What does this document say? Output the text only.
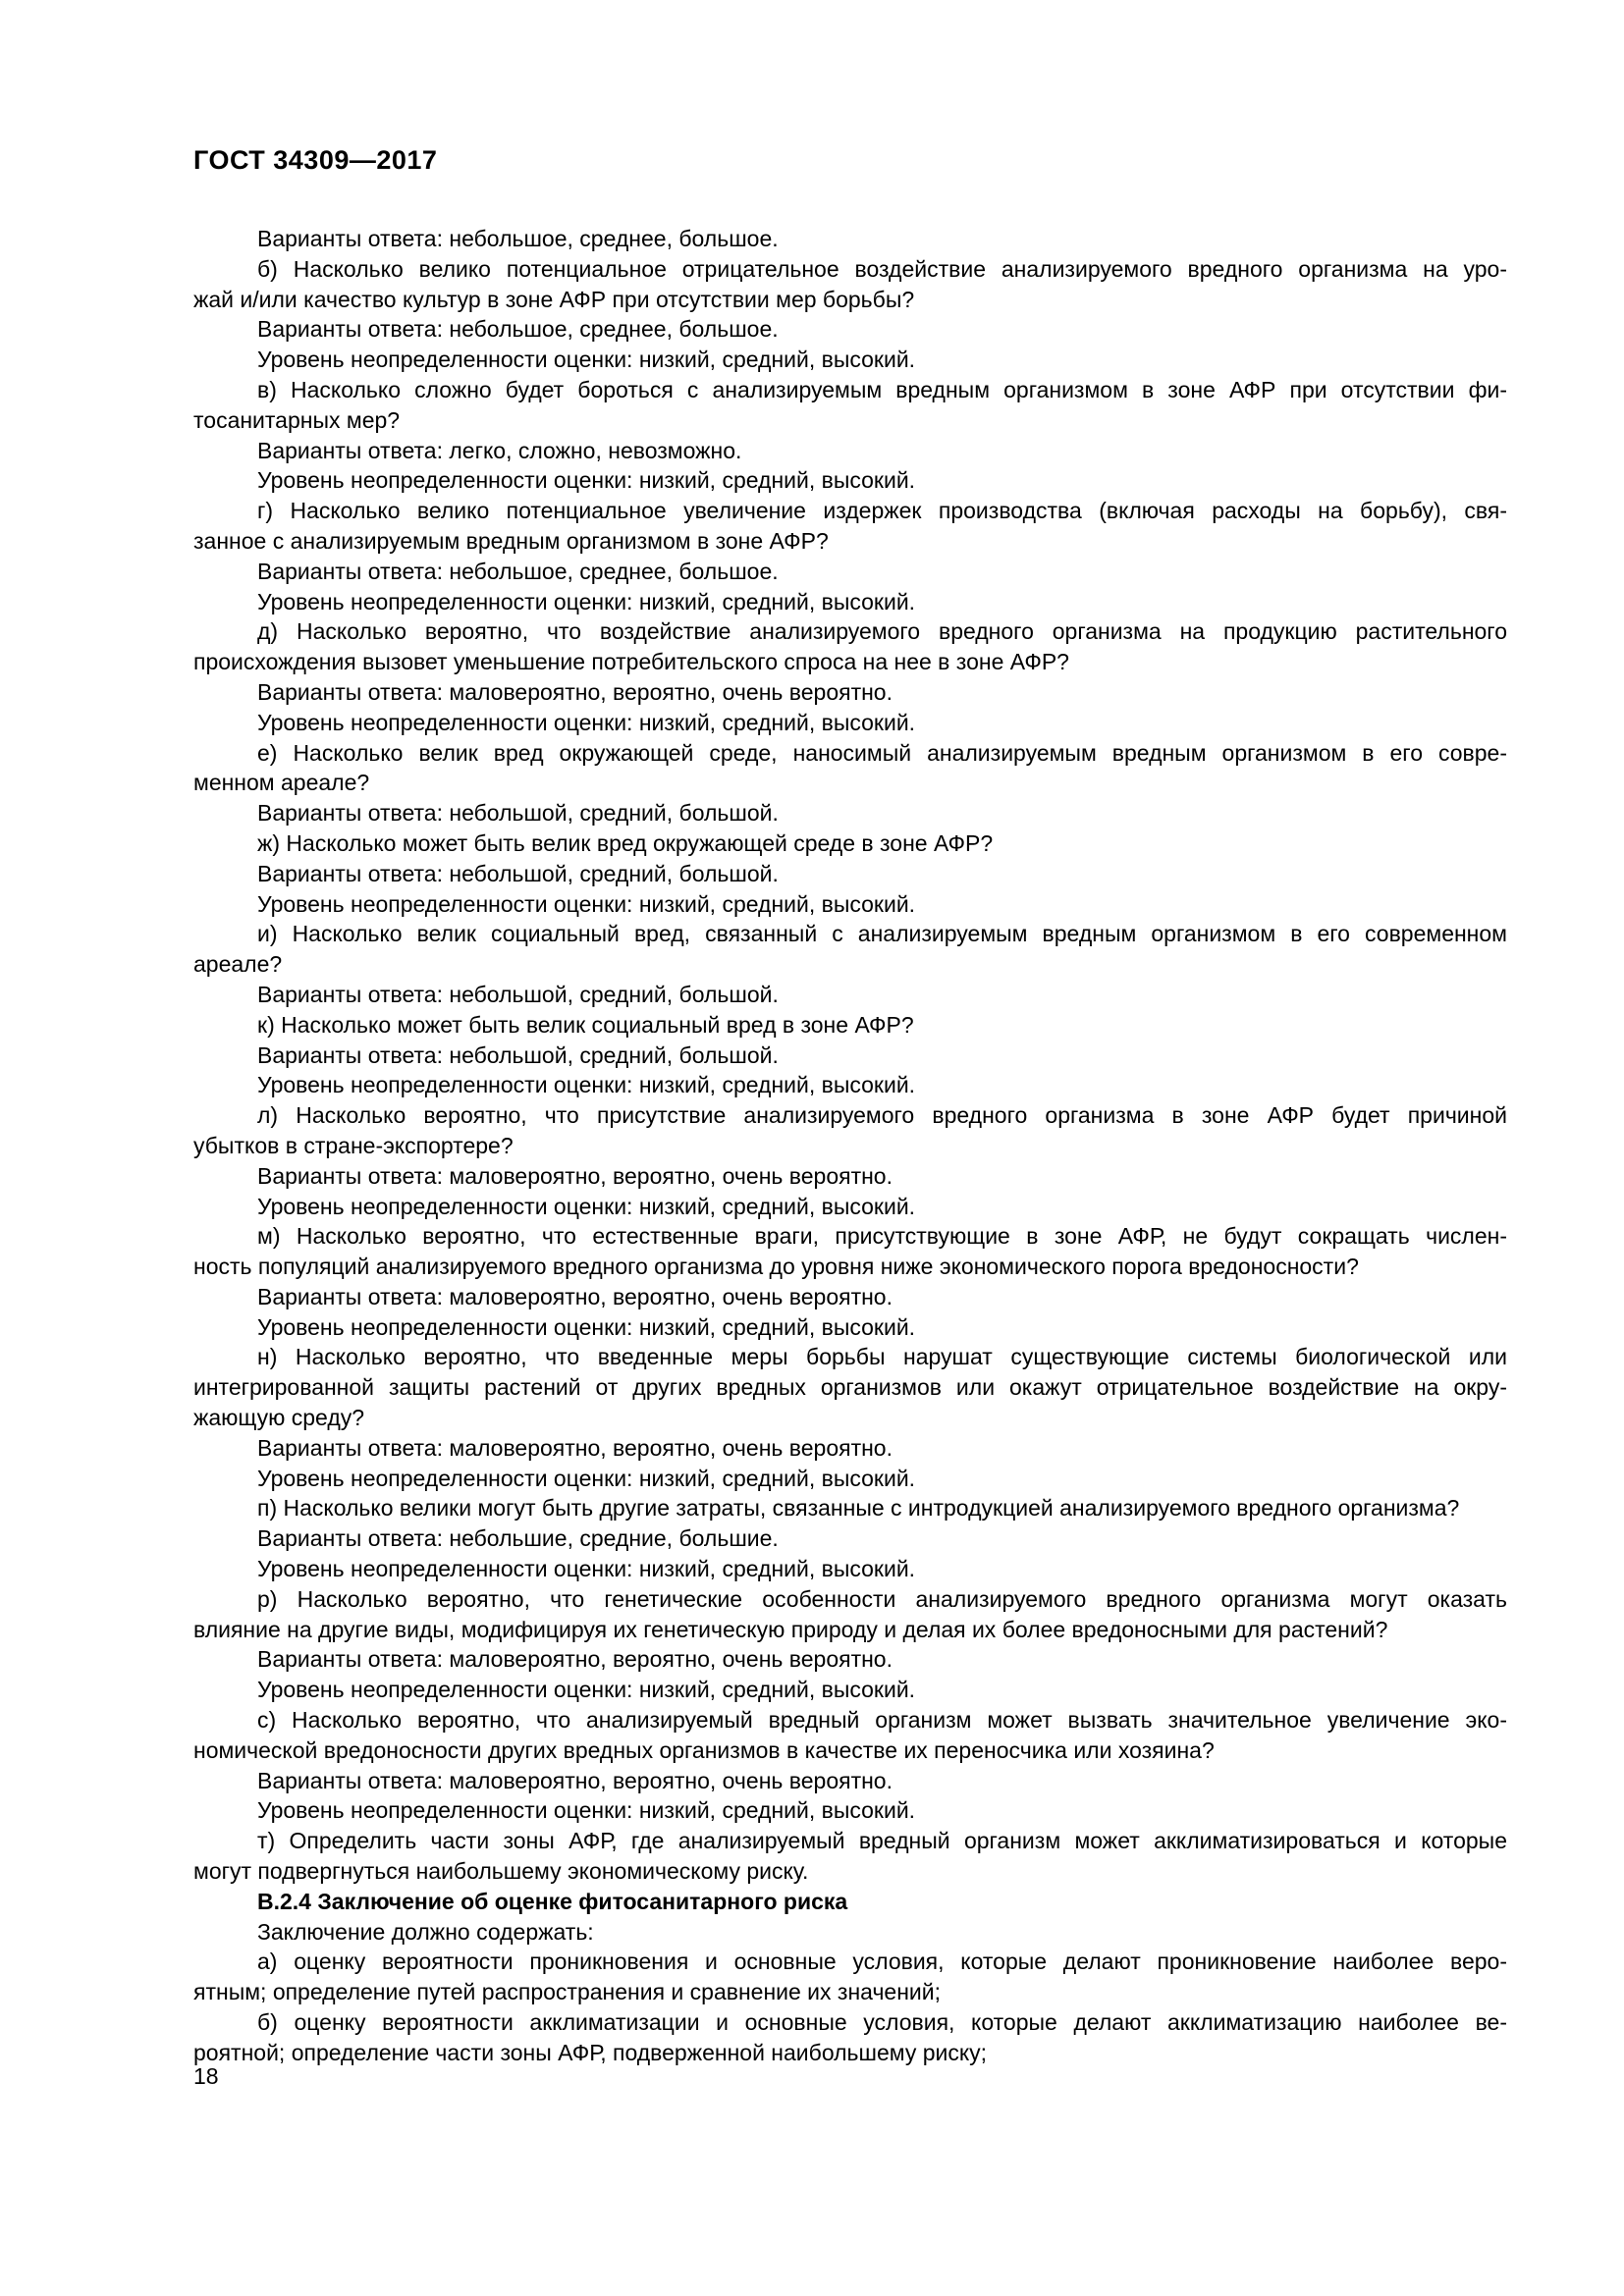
ГОСТ 34309—2017
Варианты ответа: небольшое, среднее, большое.
б) Насколько велико потенциальное отрицательное воздействие анализируемого вредного организма на уро-
жай и/или качество культур в зоне АФР при отсутствии мер борьбы?
Варианты ответа: небольшое, среднее, большое.
Уровень неопределенности оценки: низкий, средний, высокий.
в) Насколько сложно будет бороться с анализируемым вредным организмом в зоне АФР при отсутствии фи-
тосанитарных мер?
Варианты ответа: легко, сложно, невозможно.
Уровень неопределенности оценки: низкий, средний, высокий.
г) Насколько велико потенциальное увеличение издержек производства (включая расходы на борьбу), свя-
занное с анализируемым вредным организмом в зоне АФР?
Варианты ответа: небольшое, среднее, большое.
Уровень неопределенности оценки: низкий, средний, высокий.
д) Насколько вероятно, что воздействие анализируемого вредного организма на продукцию растительного
происхождения вызовет уменьшение потребительского спроса на нее в зоне АФР?
Варианты ответа: маловероятно, вероятно, очень вероятно.
Уровень неопределенности оценки: низкий, средний, высокий.
е) Насколько велик вред окружающей среде, наносимый анализируемым вредным организмом в его совре-
менном ареале?
Варианты ответа: небольшой, средний, большой.
ж) Насколько может быть велик вред окружающей среде в зоне АФР?
Варианты ответа: небольшой, средний, большой.
Уровень неопределенности оценки: низкий, средний, высокий.
и) Насколько велик социальный вред, связанный с анализируемым вредным организмом в его современном
ареале?
Варианты ответа: небольшой, средний, большой.
к) Насколько может быть велик социальный вред в зоне АФР?
Варианты ответа: небольшой, средний, большой.
Уровень неопределенности оценки: низкий, средний, высокий.
л) Насколько вероятно, что присутствие анализируемого вредного организма в зоне АФР будет причиной
убытков в стране-экспортере?
Варианты ответа: маловероятно, вероятно, очень вероятно.
Уровень неопределенности оценки: низкий, средний, высокий.
м) Насколько вероятно, что естественные враги, присутствующие в зоне АФР, не будут сокращать числен-
ность популяций анализируемого вредного организма до уровня ниже экономического порога вредоносности?
Варианты ответа: маловероятно, вероятно, очень вероятно.
Уровень неопределенности оценки: низкий, средний, высокий.
н) Насколько вероятно, что введенные меры борьбы нарушат существующие системы биологической или
интегрированной защиты растений от других вредных организмов или окажут отрицательное воздействие на окру-
жающую среду?
Варианты ответа: маловероятно, вероятно, очень вероятно.
Уровень неопределенности оценки: низкий, средний, высокий.
п) Насколько велики могут быть другие затраты, связанные с интродукцией анализируемого вредного организма?
Варианты ответа: небольшие, средние, большие.
Уровень неопределенности оценки: низкий, средний, высокий.
р) Насколько вероятно, что генетические особенности анализируемого вредного организма могут оказать
влияние на другие виды, модифицируя их генетическую природу и делая их более вредоносными для растений?
Варианты ответа: маловероятно, вероятно, очень вероятно.
Уровень неопределенности оценки: низкий, средний, высокий.
с) Насколько вероятно, что анализируемый вредный организм может вызвать значительное увеличение эко-
номической вредоносности других вредных организмов в качестве их переносчика или хозяина?
Варианты ответа: маловероятно, вероятно, очень вероятно.
Уровень неопределенности оценки: низкий, средний, высокий.
т) Определить части зоны АФР, где анализируемый вредный организм может акклиматизироваться и которые
могут подвергнуться наибольшему экономическому риску.
В.2.4 Заключение об оценке фитосанитарного риска
Заключение должно содержать:
а) оценку вероятности проникновения и основные условия, которые делают проникновение наиболее веро-
ятным; определение путей распространения и сравнение их значений;
б) оценку вероятности акклиматизации и основные условия, которые делают акклиматизацию наиболее ве-
роятной; определение части зоны АФР, подверженной наибольшему риску;
18
